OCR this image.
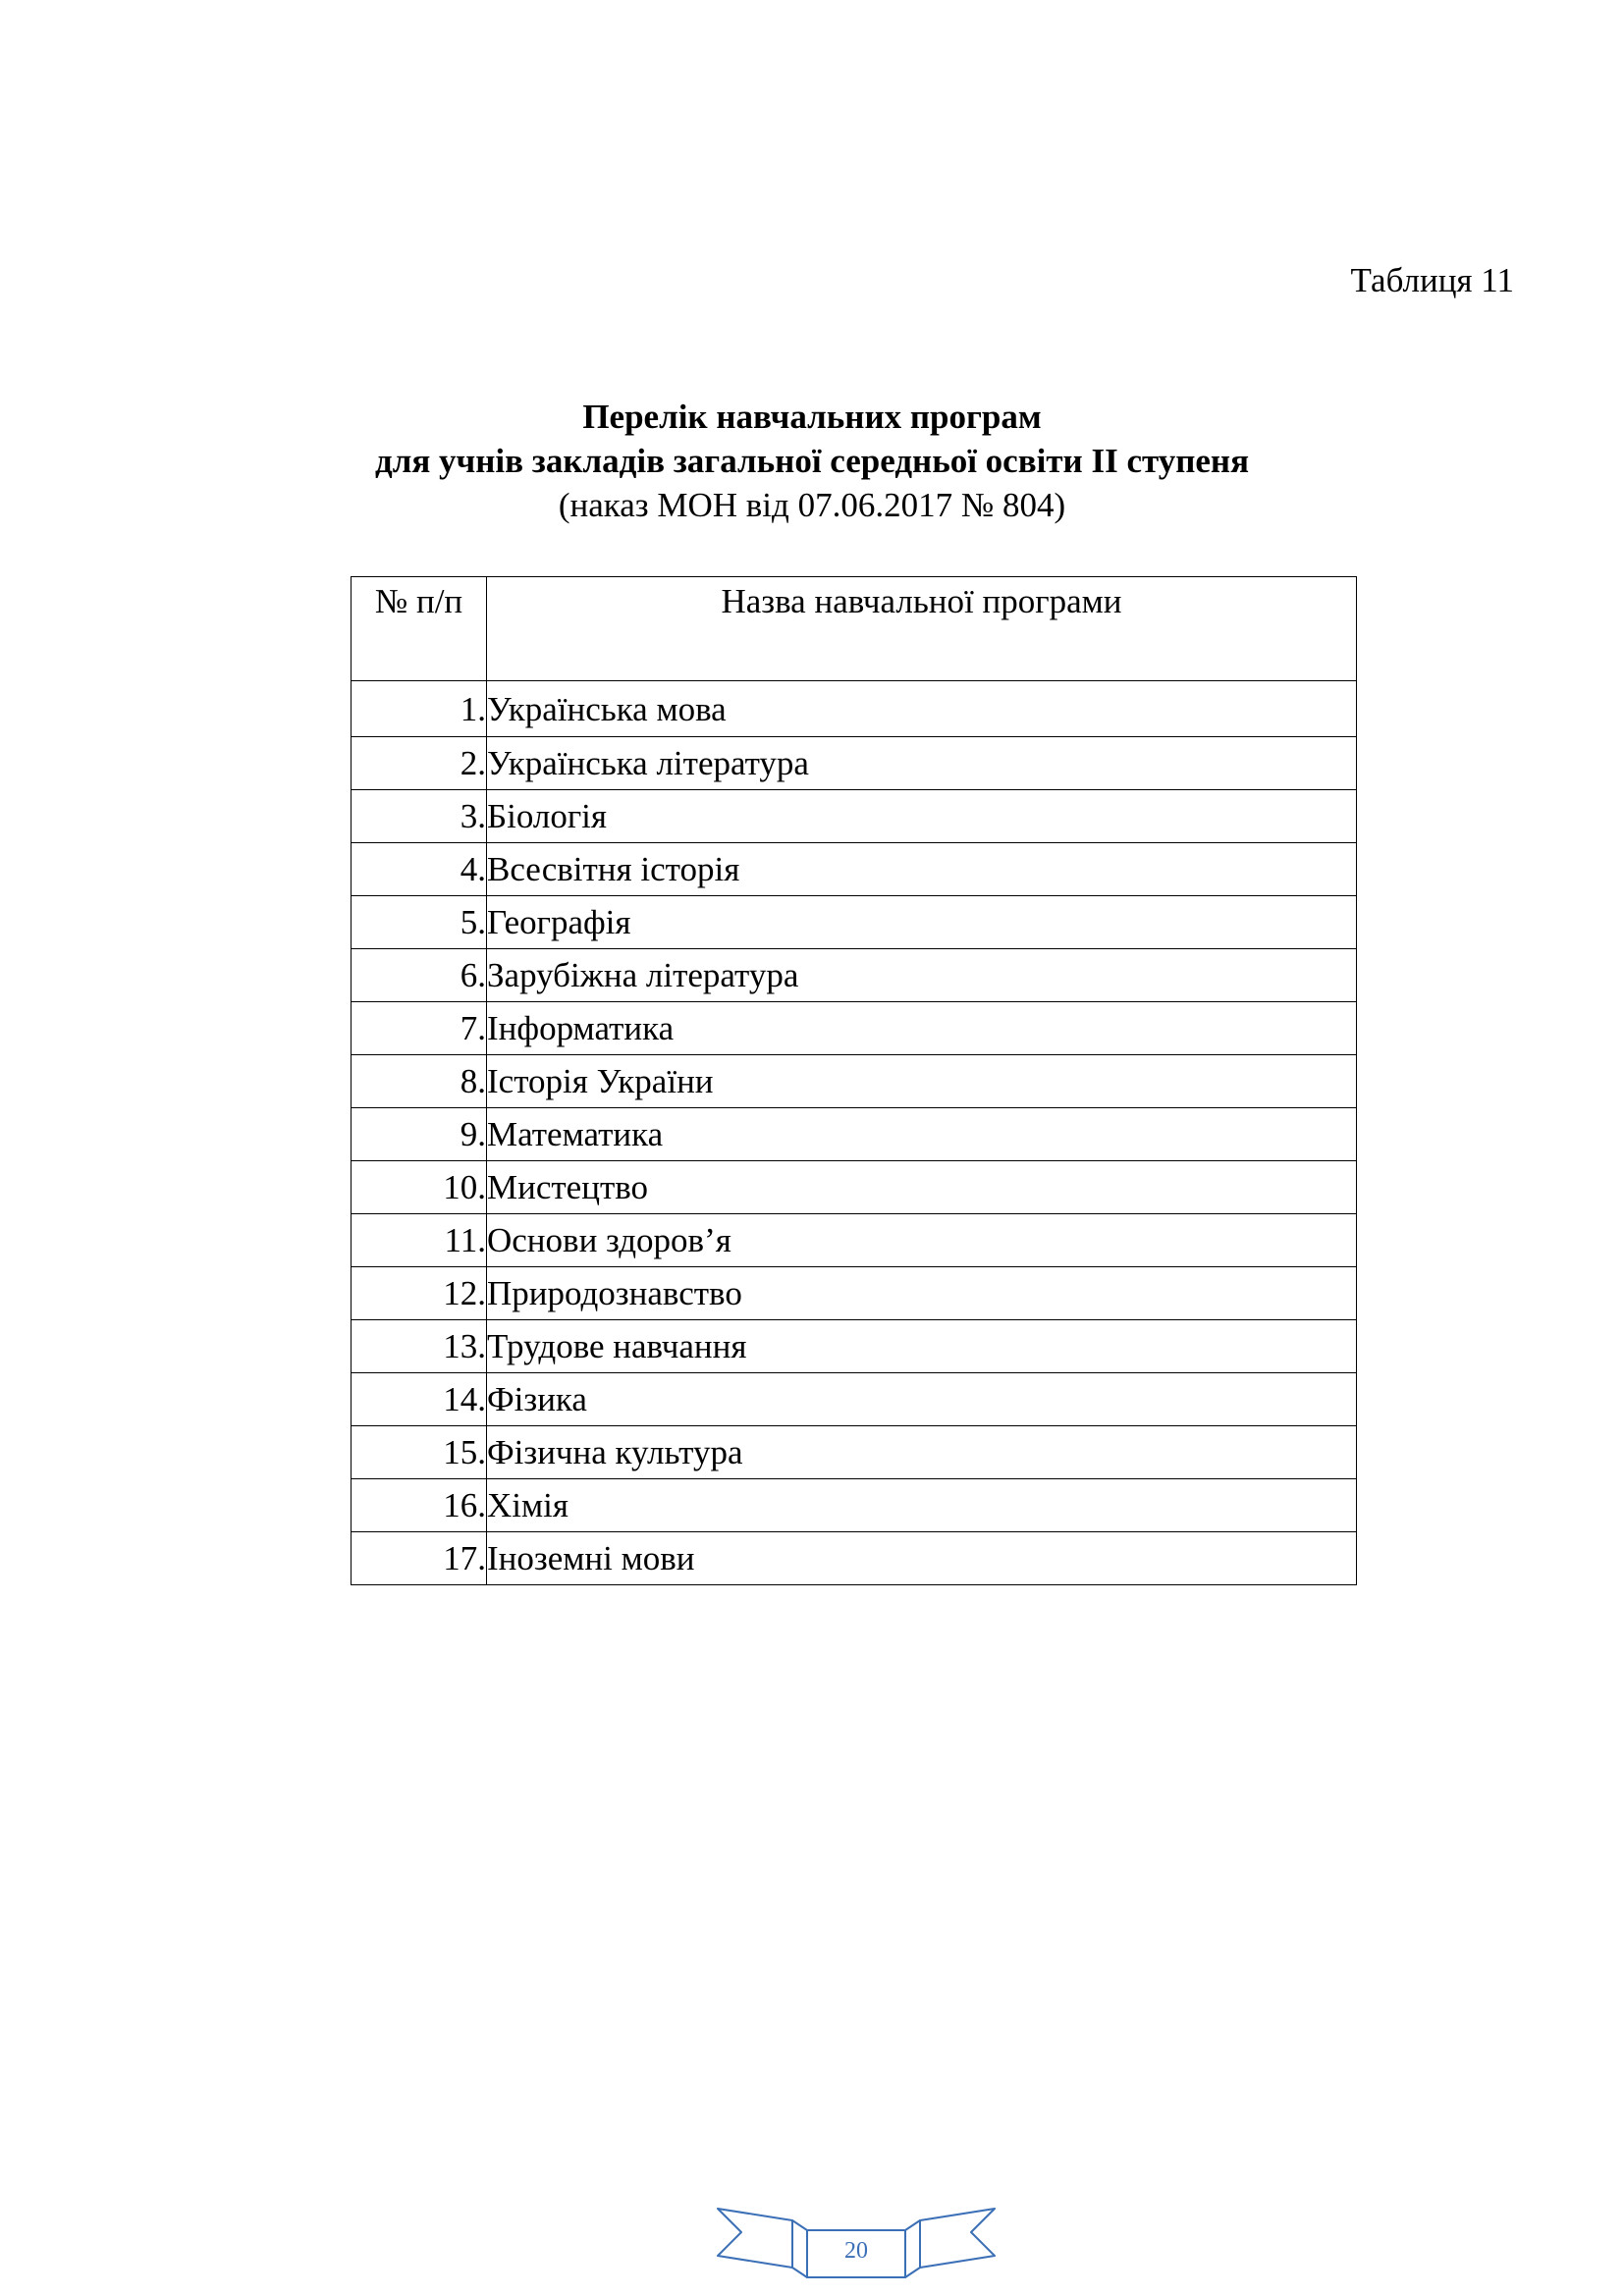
Таблиця 11
Перелік навчальних програм
для учнів закладів загальної середньої освіти ІІ ступеня
(наказ МОН від 07.06.2017 № 804)
№ п/п	Назва навчальної програми
1.	Українська мова
2.	Українська література
3.	Біологія
4.	Всесвітня історія
5.	Географія
6.	Зарубіжна література
7.	Інформатика
8.	Історія України
9.	Математика
10.	Мистецтво
11.	Основи здоров’я
12.	Природознавство
13.	Трудове навчання
14.	Фізика
15.	Фізична культура
16.	Хімія
17.	Іноземні мови
20
